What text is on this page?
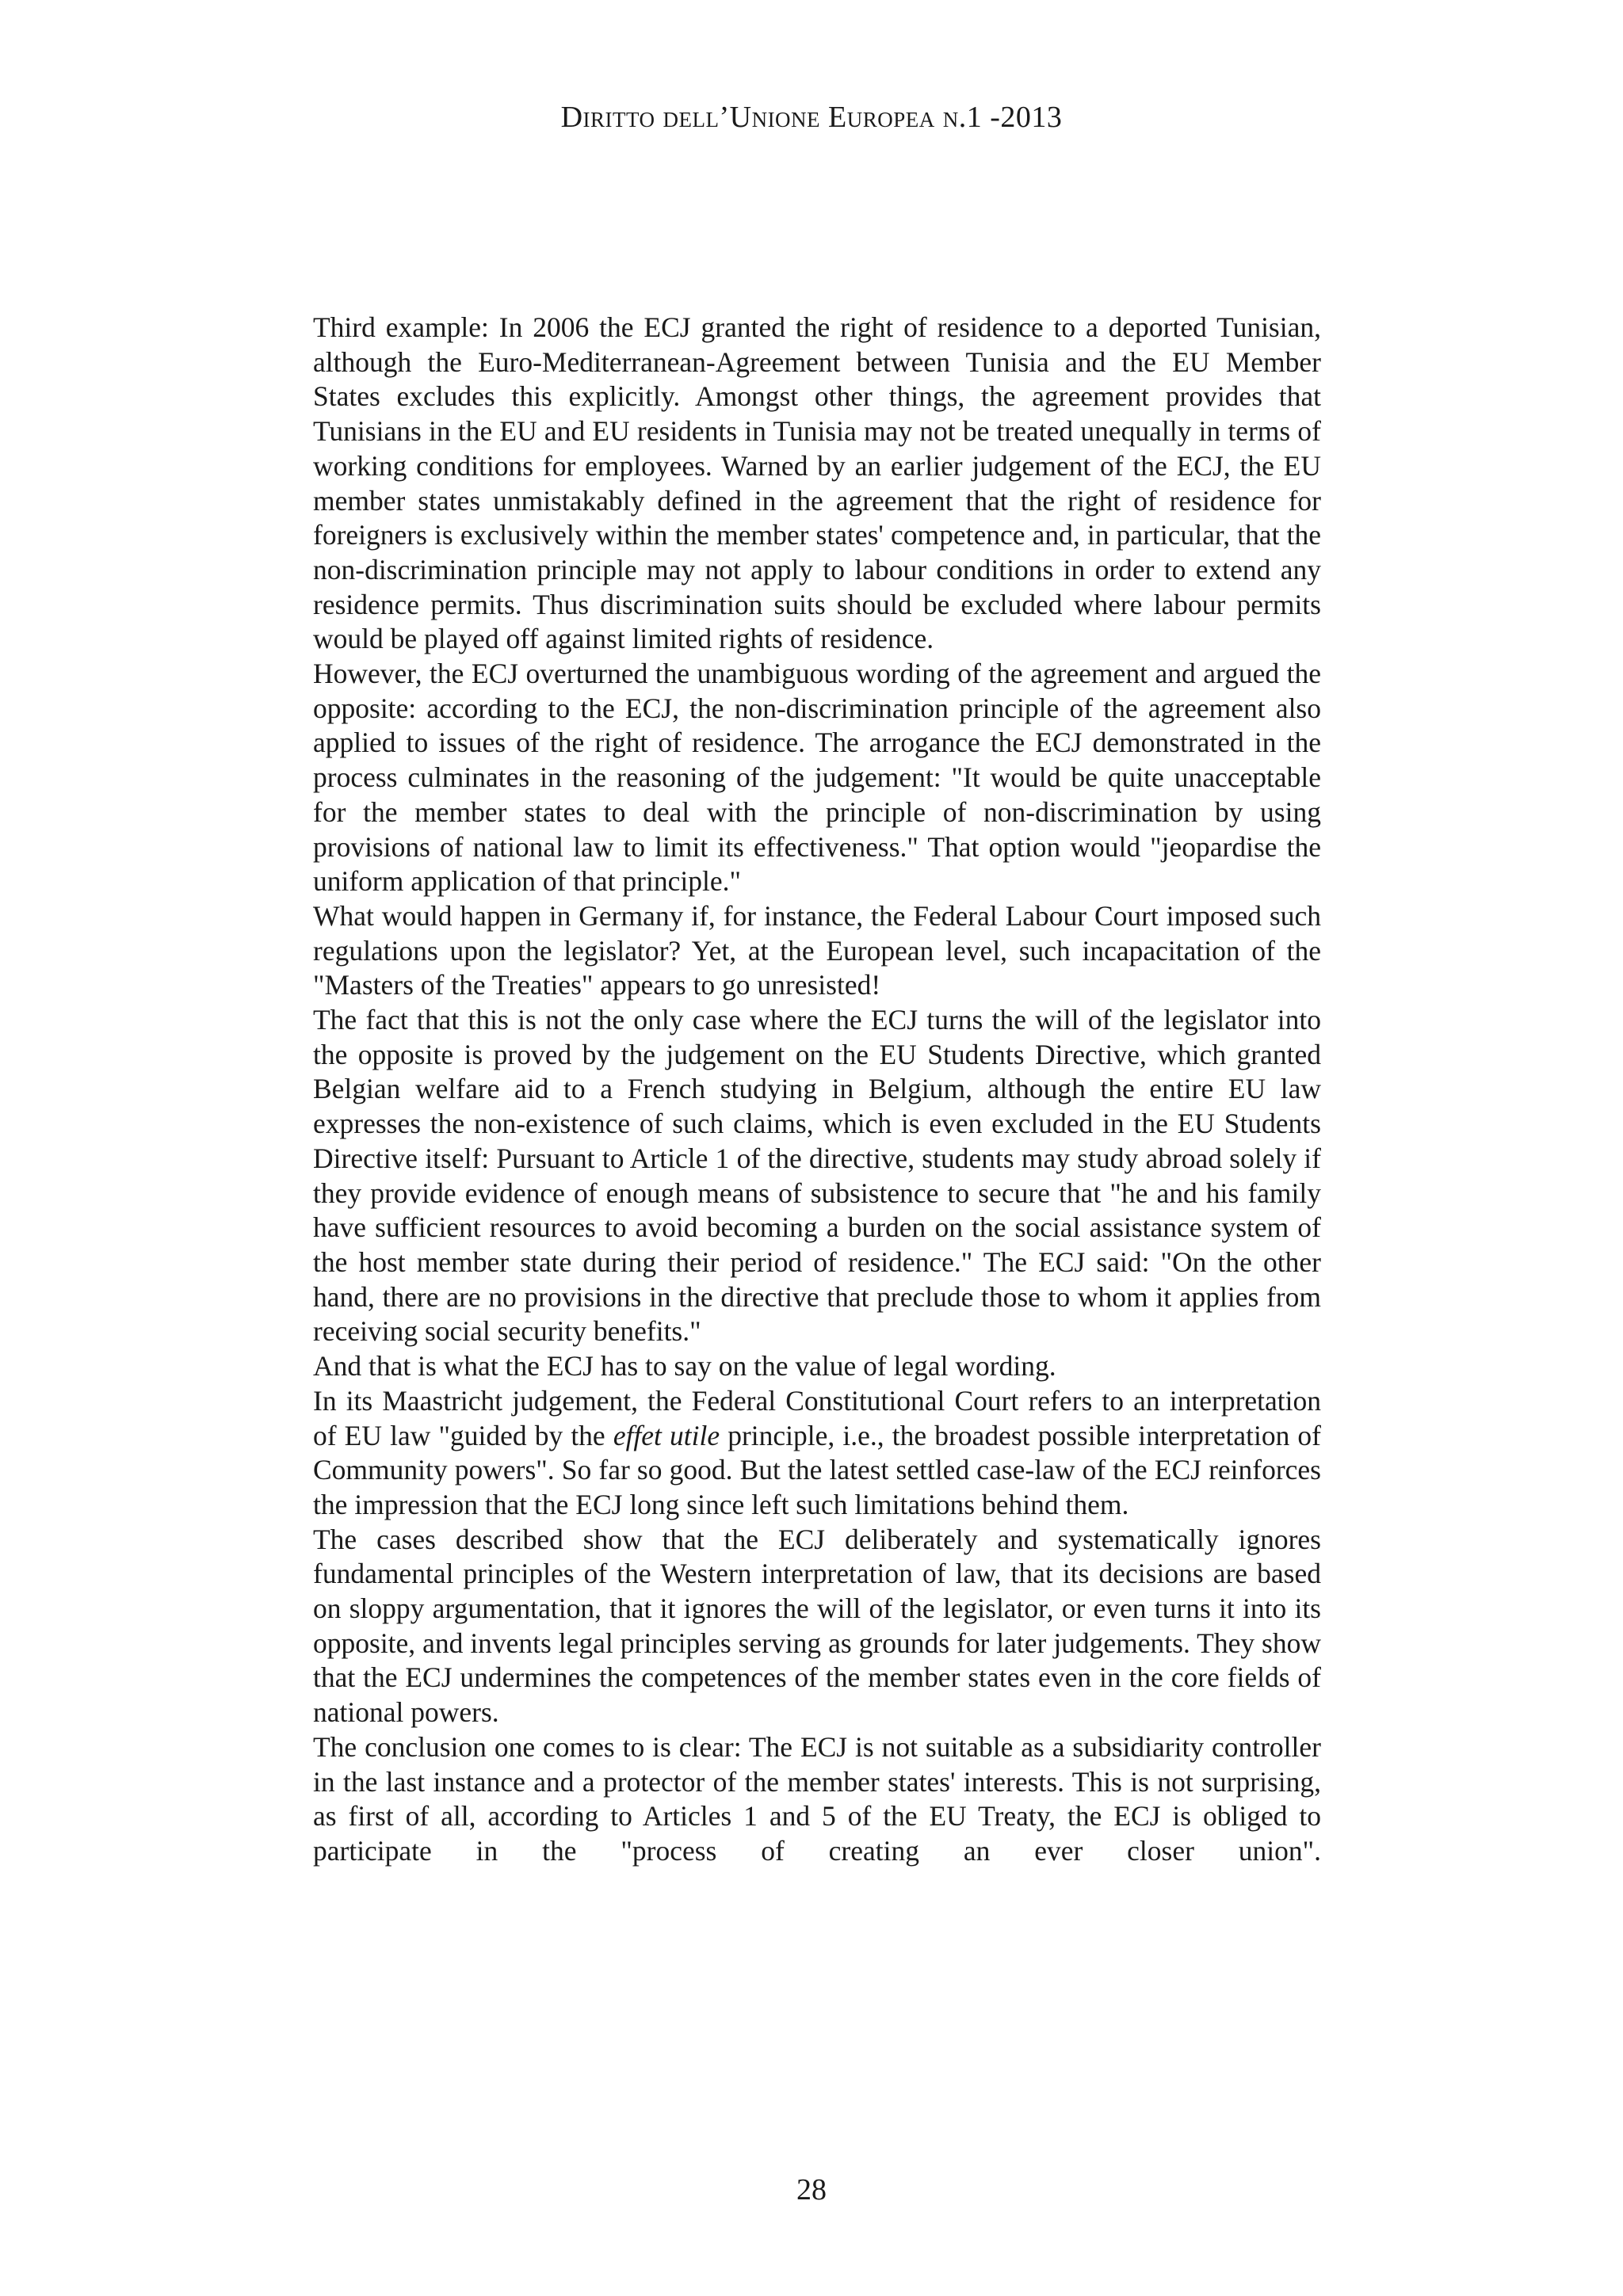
Diritto dell’Unione Europea n.1 -2013

Third example: In 2006 the ECJ granted the right of residence to a deported Tunisian, although the Euro-Mediterranean-Agreement between Tunisia and the EU Member States excludes this explicitly. Amongst other things, the agreement provides that Tunisians in the EU and EU residents in Tunisia may not be treated unequally in terms of working conditions for employees. Warned by an earlier judgement of the ECJ, the EU member states unmistakably defined in the agreement that the right of residence for foreigners is exclusively within the member states' competence and, in particular, that the non-discrimination principle may not apply to labour conditions in order to extend any residence permits. Thus discrimination suits should be excluded where labour permits would be played off against limited rights of residence.

However, the ECJ overturned the unambiguous wording of the agreement and argued the opposite: according to the ECJ, the non-discrimination principle of the agreement also applied to issues of the right of residence. The arrogance the ECJ demonstrated in the process culminates in the reasoning of the judgement: "It would be quite unacceptable for the member states to deal with the principle of non-discrimination by using provisions of national law to limit its effectiveness." That option would "jeopardise the uniform application of that principle."

What would happen in Germany if, for instance, the Federal Labour Court imposed such regulations upon the legislator? Yet, at the European level, such incapacitation of the "Masters of the Treaties" appears to go unresisted!

The fact that this is not the only case where the ECJ turns the will of the legislator into the opposite is proved by the judgement on the EU Students Directive, which granted Belgian welfare aid to a French studying in Belgium, although the entire EU law expresses the non-existence of such claims, which is even excluded in the EU Students Directive itself: Pursuant to Article 1 of the directive, students may study abroad solely if they provide evidence of enough means of subsistence to secure that "he and his family have sufficient resources to avoid becoming a burden on the social assistance system of the host member state during their period of residence." The ECJ said: "On the other hand, there are no provisions in the directive that preclude those to whom it applies from receiving social security benefits."

And that is what the ECJ has to say on the value of legal wording.

In its Maastricht judgement, the Federal Constitutional Court refers to an interpretation of EU law "guided by the effet utile principle, i.e., the broadest possible interpretation of Community powers". So far so good. But the latest settled case-law of the ECJ reinforces the impression that the ECJ long since left such limitations behind them.

The cases described show that the ECJ deliberately and systematically ignores fundamental principles of the Western interpretation of law, that its decisions are based on sloppy argumentation, that it ignores the will of the legislator, or even turns it into its opposite, and invents legal principles serving as grounds for later judgements. They show that the ECJ undermines the competences of the member states even in the core fields of national powers.

The conclusion one comes to is clear: The ECJ is not suitable as a subsidiarity controller in the last instance and a protector of the member states' interests. This is not surprising, as first of all, according to Articles 1 and 5 of the EU Treaty, the ECJ is obliged to participate in the "process of creating an ever closer union".

28
